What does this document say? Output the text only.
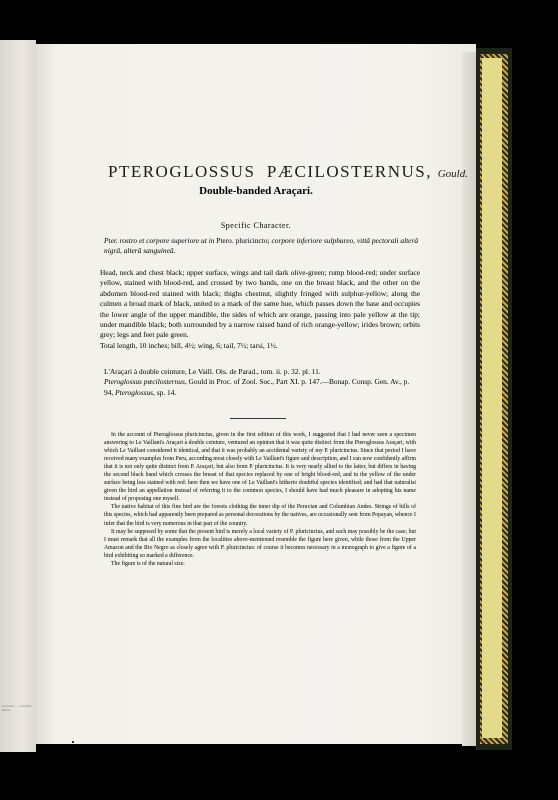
by Gould.... ...ward after Nature
PTEROGLOSSUS PÆCILOSTERNUS, Gould.
Double-banded Araçari.
Specific Character.
Pter. rostro et corpore superiore ut in Ptero. pluricincto; corpore inferiore sulphureo, vittâ pectorali alterâ nigrâ, alterâ sanguineâ.
Head, neck and chest black; upper surface, wings and tail dark olive-green; rump blood-red; under surface yellow, stained with blood-red, and crossed by two bands, one on the breast black, and the other on the abdomen blood-red stained with black; thighs chestnut, slightly fringed with sulphur-yellow; along the culmen a broad mark of black, united to a mark of the same hue, which passes down the base and occupies the lower angle of the upper mandible, the sides of which are orange, passing into pale yellow at the tip; under mandible black; both surrounded by a narrow raised band of rich orange-yellow; irides brown; orbits grey; legs and feet pale green.
Total length, 10 inches; bill, 4½; wing, 6; tail, 7½; tarsi, 1½.
L'Araçari à double ceinture, Le Vaill. Ois. de Parad., tom. ii. p. 32. pl. 11.
Pteroglossus pœcilosternus, Gould in Proc. of Zool. Soc., Part XI. p. 147.—Bonap. Consp. Gen. Av., p. 94, Pteroglossus, sp. 14.

In the account of Pteroglossus pluricinctus, given in the first edition of this work, I suggested that I had never seen a specimen answering to Le Vaillant's Araçari à double ceinture, ventured an opinion that it was quite distinct from the Pteroglossus Araçari, with which Le Vaillant considered it identical, and that it was probably an accidental variety of my P. pluricinctus. Since that period I have received many examples from Peru, according most closely with Le Vaillant's figure and description, and I can now confidently affirm that it is not only quite distinct from P. Araçari, but also from P. pluricinctus. It is very nearly allied to the latter, but differs in having the second black band which crosses the breast of that species replaced by one of bright blood-red, and in the yellow of the under surface being less stained with red: here then we have one of Le Vaillant's hitherto doubtful species identified; and had that naturalist given the bird an appellation instead of referring it to the common species, I should have had much pleasure in adopting his name instead of proposing one myself.

The native habitat of this fine bird are the forests clothing the inner dip of the Peruvian and Columbian Andes. Strings of bills of this species, which had apparently been prepared as personal decorations by the natives, are occasionally sent from Popayan, whence I infer that the bird is very numerous in that part of the country.

It may be supposed by some that the present bird is merely a local variety of P. pluricinctus, and such may possibly be the case; but I must remark that all the examples from the localities above-mentioned resemble the figure here given, while those from the Upper Amazon and the Rio Negro as closely agree with P. pluricinctus: of course it becomes necessary in a monograph to give a figure of a bird exhibiting so marked a difference.

The figure is of the natural size.
